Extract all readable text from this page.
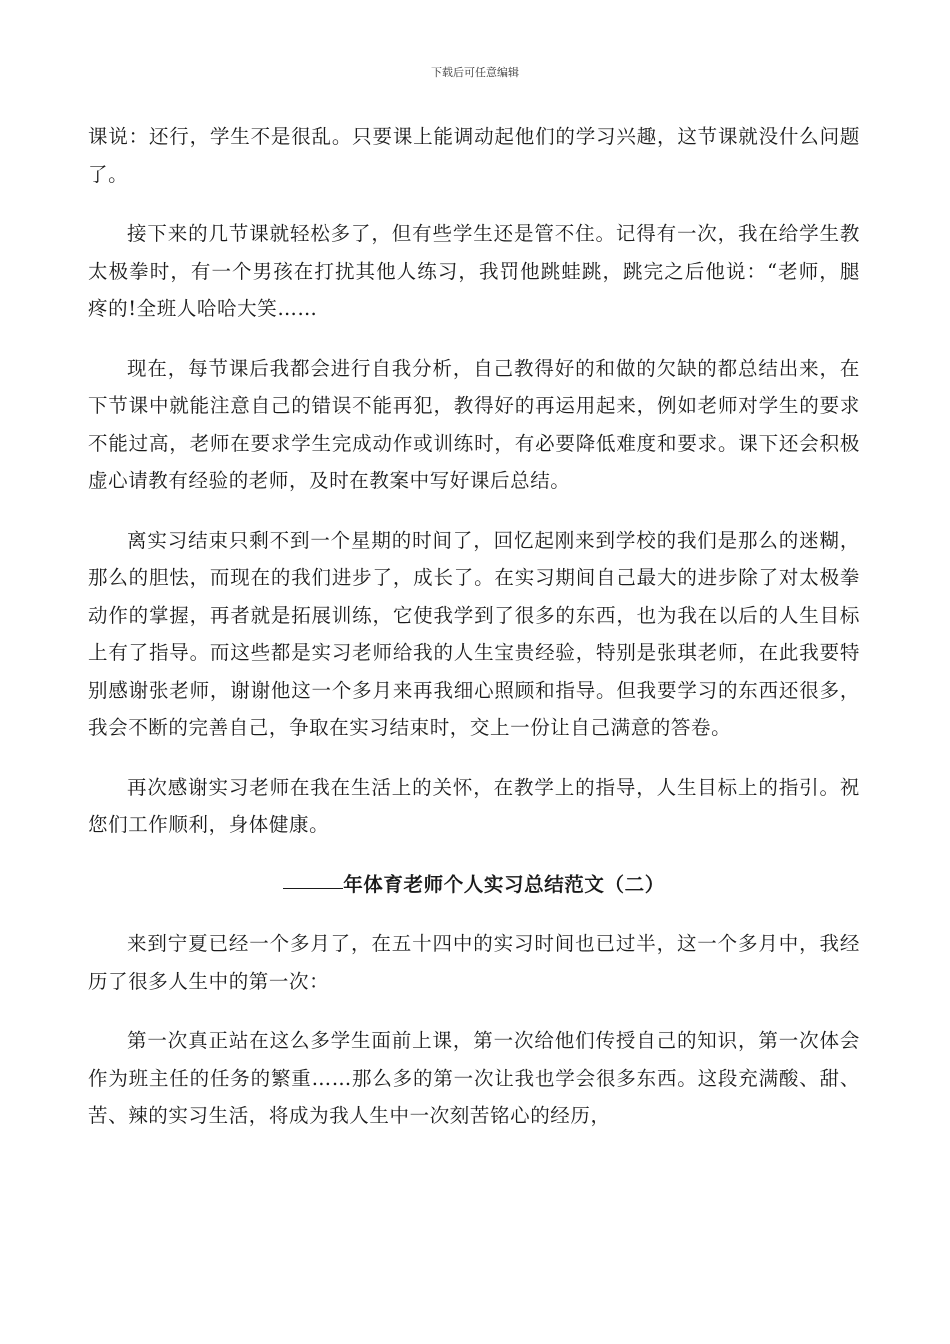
下载后可任意编辑

课说：还行，学生不是很乱。只要课上能调动起他们的学习兴趣，这节课就没什么问题了。

接下来的几节课就轻松多了，但有些学生还是管不住。记得有一次，我在给学生教太极拳时，有一个男孩在打扰其他人练习，我罚他跳蛙跳，跳完之后他说：“老师，腿疼的!全班人哈哈大笑……

现在，每节课后我都会进行自我分析，自己教得好的和做的欠缺的都总结出来，在下节课中就能注意自己的错误不能再犯，教得好的再运用起来，例如老师对学生的要求不能过高，老师在要求学生完成动作或训练时，有必要降低难度和要求。课下还会积极虚心请教有经验的老师，及时在教案中写好课后总结。

离实习结束只剩不到一个星期的时间了，回忆起刚来到学校的我们是那么的迷糊，那么的胆怯，而现在的我们进步了，成长了。在实习期间自己最大的进步除了对太极拳动作的掌握，再者就是拓展训练，它使我学到了很多的东西，也为我在以后的人生目标上有了指导。而这些都是实习老师给我的人生宝贵经验，特别是张琪老师，在此我要特别感谢张老师，谢谢他这一个多月来再我细心照顾和指导。但我要学习的东西还很多，我会不断的完善自己，争取在实习结束时，交上一份让自己满意的答卷。

再次感谢实习老师在我在生活上的关怀，在教学上的指导，人生目标上的指引。祝您们工作顺利，身体健康。

年体育老师个人实习总结范文（二）

来到宁夏已经一个多月了，在五十四中的实习时间也已过半，这一个多月中，我经历了很多人生中的第一次：

第一次真正站在这么多学生面前上课，第一次给他们传授自己的知识，第一次体会作为班主任的任务的繁重……那么多的第一次让我也学会很多东西。这段充满酸、甜、苦、辣的实习生活，将成为我人生中一次刻苦铭心的经历，
